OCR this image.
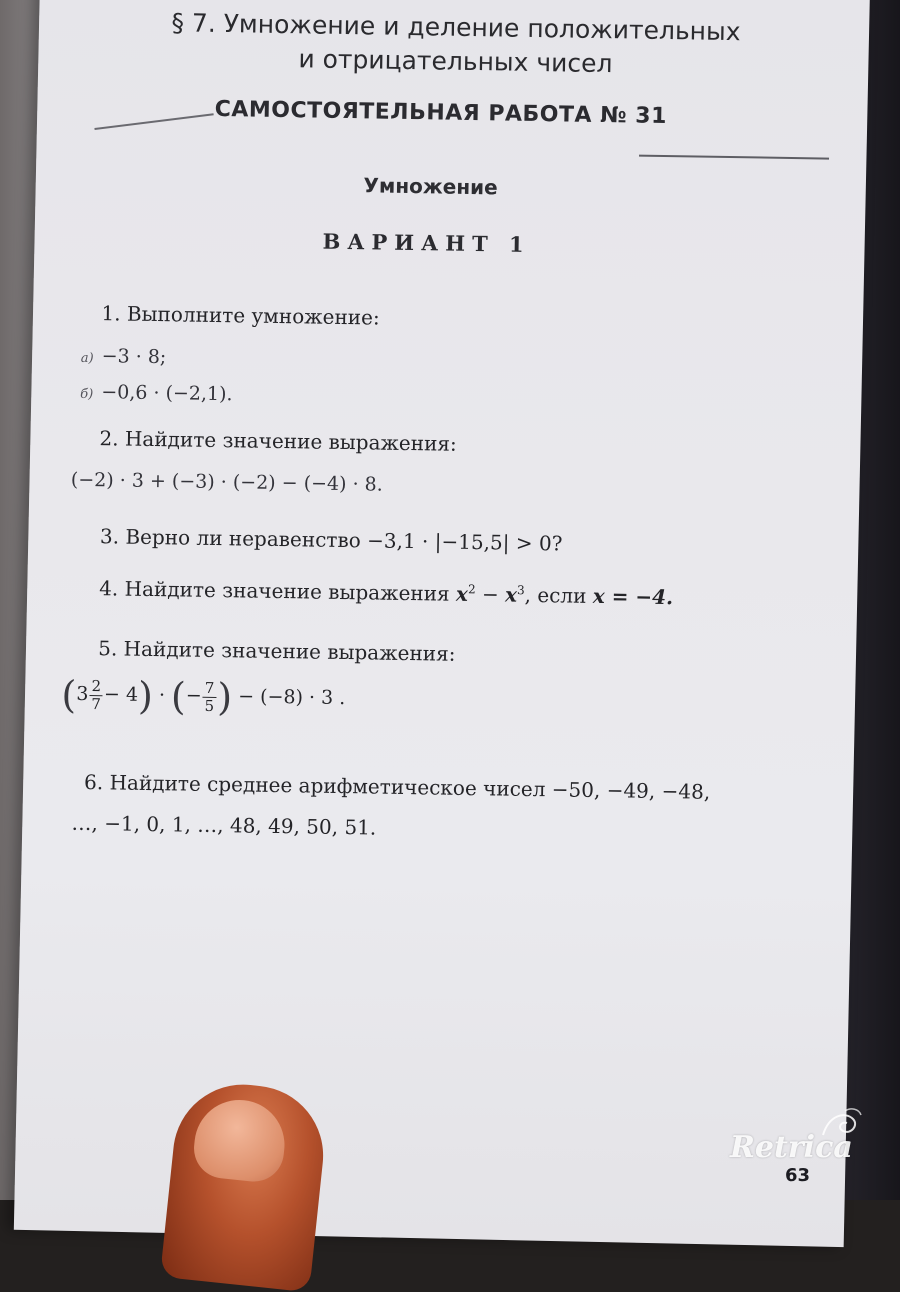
§ 7. Умножение и деление положительных
и отрицательных чисел
САМОСТОЯТЕЛЬНАЯ РАБОТА № 31
Умножение
ВАРИАНТ 1
1. Выполните умножение:
а) −3 · 8;
б) −0,6 · (−2,1).
2. Найдите значение выражения:
(−2) · 3 + (−3) · (−2) − (−4) · 8.
3. Верно ли неравенство −3,1 · |−15,5| > 0?
4. Найдите значение выражения $x^2 - x^3$, если x = −4.
5. Найдите значение выражения:
$(3 \frac{2}{7} - 4)$ · (− $\frac{7}{5}$ ) − (−8) · 3 .
6. Найдите среднее арифметическое чисел −50, −49, −48,
…, −1, 0, 1, …, 48, 49, 50, 51.
63
Retrica
